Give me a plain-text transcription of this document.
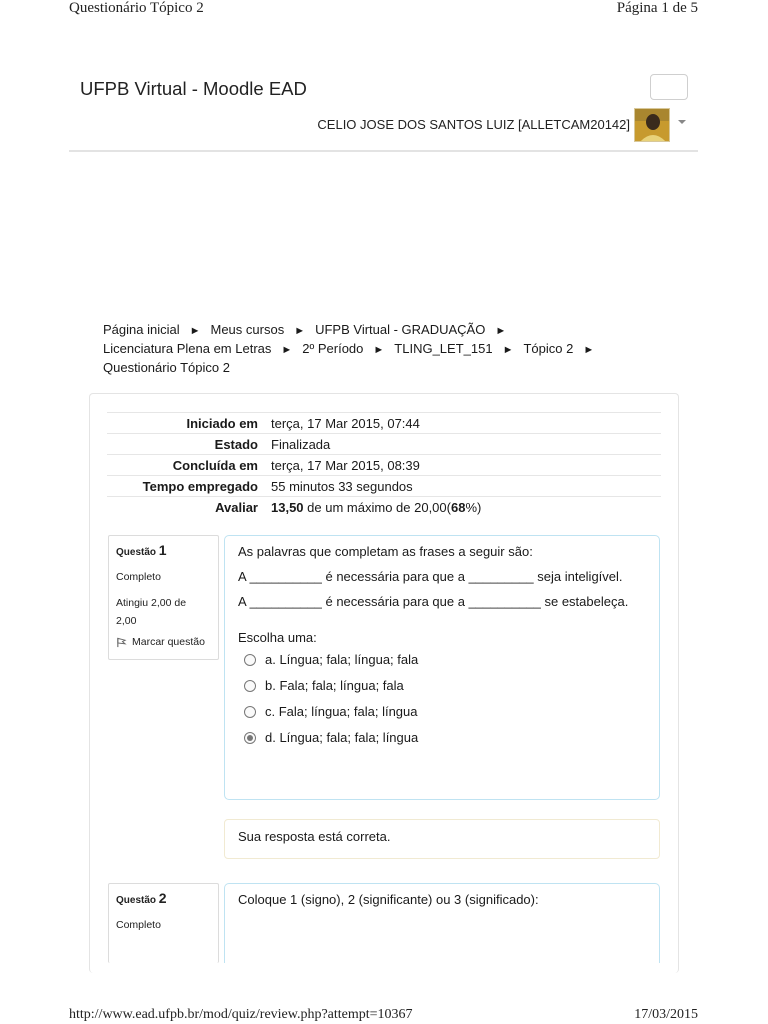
Questionário Tópico 2	Página 1 de 5
UFPB Virtual - Moodle EAD
CELIO JOSE DOS SANTOS LUIZ [ALLETCAM20142]
Página inicial ► Meus cursos ► UFPB Virtual - GRADUAÇÃO ►
Licenciatura Plena em Letras ► 2º Período ► TLING_LET_151 ► Tópico 2 ►
Questionário Tópico 2
Iniciado em terça, 17 Mar 2015, 07:44
Estado Finalizada
Concluída em terça, 17 Mar 2015, 08:39
Tempo empregado 55 minutos 33 segundos
Avaliar 13,50 de um máximo de 20,00(68%)
Questão 1
Completo
Atingiu 2,00 de 2,00
Marcar questão

As palavras que completam as frases a seguir são:

A __________ é necessária para que a _________ seja inteligível.

A __________ é necessária para que a __________ se estabeleça.

Escolha uma:

a. Língua; fala; língua; fala
b. Fala; fala; língua; fala
c. Fala; língua; fala; língua
d. Língua; fala; fala; língua
Sua resposta está correta.
Questão 2
Completo

Coloque 1 (signo), 2 (significante) ou 3 (significado):

http://www.ead.ufpb.br/mod/quiz/review.php?attempt=10367	17/03/2015
